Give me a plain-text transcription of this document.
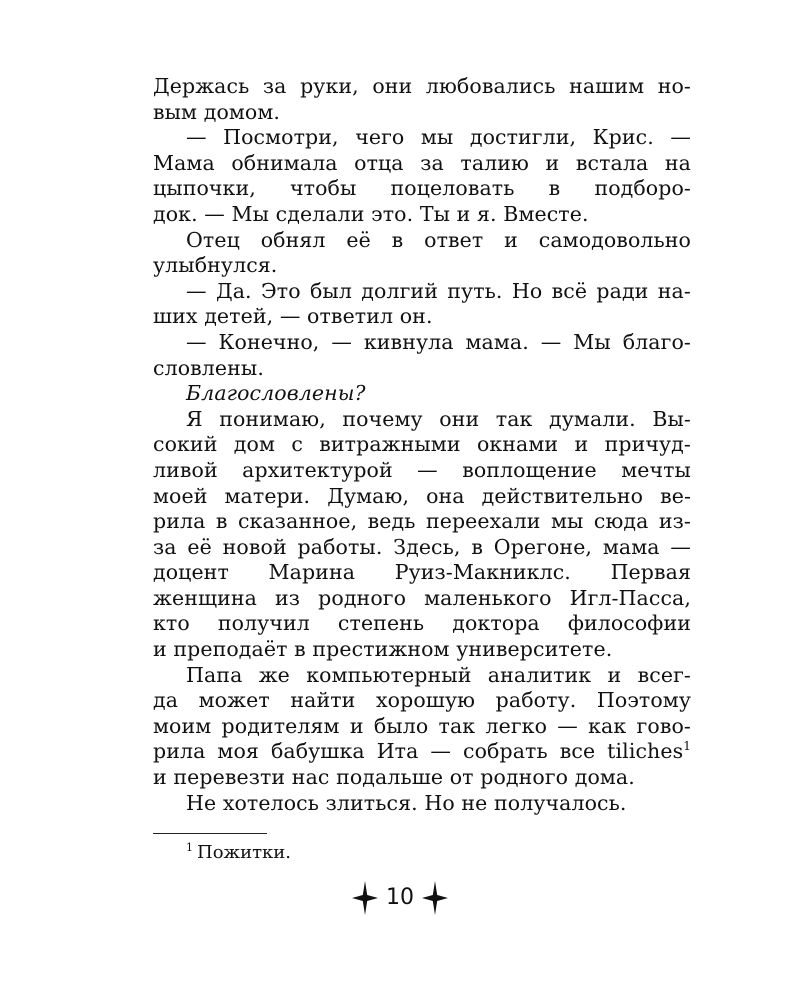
Держась за руки, они любовались нашим но-
вым домом.
— Посмотри, чего мы достигли, Крис. —
Мама обнимала отца за талию и встала на
цыпочки, чтобы поцеловать в подборо-
док. — Мы сделали это. Ты и я. Вместе.
Отец обнял её в ответ и самодовольно
улыбнулся.
— Да. Это был долгий путь. Но всё ради на-
ших детей, — ответил он.
— Конечно, — кивнула мама. — Мы благо-
словлены.
Благословлены?
Я понимаю, почему они так думали. Вы-
сокий дом с витражными окнами и причуд-
ливой архитектурой — воплощение мечты
моей матери. Думаю, она действительно ве-
рила в сказанное, ведь переехали мы сюда из-
за её новой работы. Здесь, в Орегоне, мама —
доцент Марина Руиз-Макниклс. Первая
женщина из родного маленького Игл-Пасса,
кто получил степень доктора философии
и преподаёт в престижном университете.
Папа же компьютерный аналитик и всег-
да может найти хорошую работу. Поэтому
моим родителям и было так легко — как гово-
рила моя бабушка Ита — собрать все tiliches$^1$
и перевезти нас подальше от родного дома.
Не хотелось злиться. Но не получалось.
$^1$ Пожитки.
10
